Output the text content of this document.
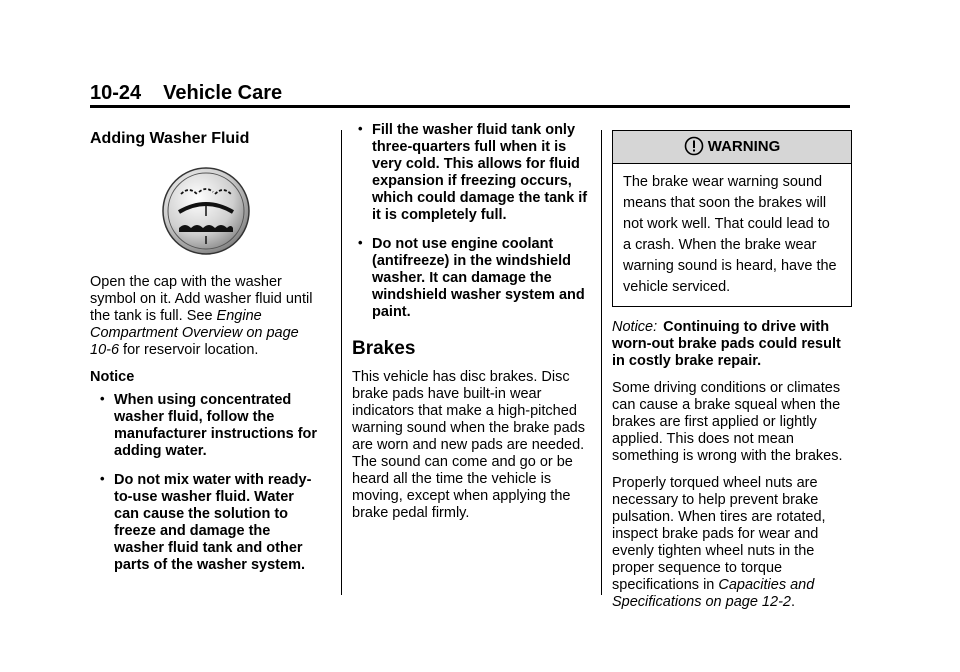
10-24 Vehicle Care

Adding Washer Fluid

Open the cap with the washer symbol on it. Add washer fluid until the tank is full. See Engine Compartment Overview on page 10-6 for reservoir location.

Notice

• When using concentrated washer fluid, follow the manufacturer instructions for adding water.
• Do not mix water with ready-to-use washer fluid. Water can cause the solution to freeze and damage the washer fluid tank and other parts of the washer system.
• Fill the washer fluid tank only three-quarters full when it is very cold. This allows for fluid expansion if freezing occurs, which could damage the tank if it is completely full.
• Do not use engine coolant (antifreeze) in the windshield washer. It can damage the windshield washer system and paint.
Brakes

This vehicle has disc brakes. Disc brake pads have built-in wear indicators that make a high-pitched warning sound when the brake pads are worn and new pads are needed. The sound can come and go or be heard all the time the vehicle is moving, except when applying the brake pedal firmly.

WARNING
The brake wear warning sound means that soon the brakes will not work well. That could lead to a crash. When the brake wear warning sound is heard, have the vehicle serviced.

Notice: Continuing to drive with worn-out brake pads could result in costly brake repair.

Some driving conditions or climates can cause a brake squeal when the brakes are first applied or lightly applied. This does not mean something is wrong with the brakes.

Properly torqued wheel nuts are necessary to help prevent brake pulsation. When tires are rotated, inspect brake pads for wear and evenly tighten wheel nuts in the proper sequence to torque specifications in Capacities and Specifications on page 12-2.
